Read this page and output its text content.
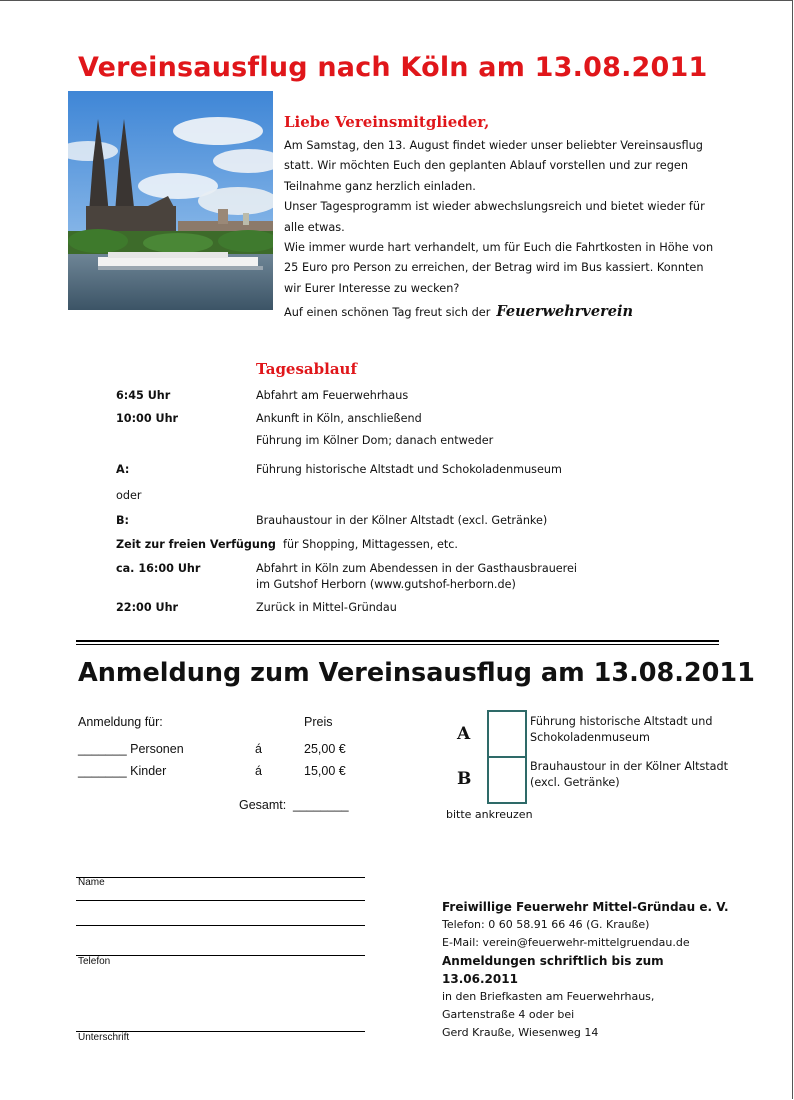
Vereinsausflug nach Köln am 13.08.2011
Liebe Vereinsmitglieder,

Am Samstag, den 13. August findet wieder unser beliebter Vereinsausflug statt. Wir möchten Euch den geplanten Ablauf vorstellen und zur regen Teilnahme ganz herzlich einladen.

Unser Tagesprogramm ist wieder abwechslungsreich und bietet wieder für alle etwas.

Wie immer wurde hart verhandelt, um für Euch die Fahrtkosten in Höhe von 25 Euro pro Person zu erreichen, der Betrag wird im Bus kassiert. Konnten wir Eurer Interesse zu wecken?

Auf einen schönen Tag freut sich der Feuerwehrverein

Tagesablauf
6:45 Uhr	Abfahrt am Feuerwehrhaus
10:00 Uhr	Ankunft in Köln, anschließend
Führung im Kölner Dom; danach entweder
A:	Führung historische Altstadt und Schokoladenmuseum
oder
B:	Brauhaustour in der Kölner Altstadt (excl. Getränke)
Zeit zur freien Verfügung für Shopping, Mittagessen, etc.
ca. 16:00 Uhr	Abfahrt in Köln zum Abendessen in der Gasthausbrauerei
im Gutshof Herborn (www.gutshof-herborn.de)
22:00 Uhr	Zurück in Mittel-Gründau
Anmeldung zum Vereinsausflug am 13.08.2011
Anmeldung für:	Preis
_______ Personen	á	25,00 €
_______ Kinder	á	15,00 €
Gesamt: ________
A
Führung historische Altstadt und Schokoladenmuseum
B
Brauhaustour in der Kölner Altstadt (excl. Getränke)
bitte ankreuzen
Name
Telefon
Unterschrift
Freiwillige Feuerwehr Mittel-Gründau e. V.
Telefon: 0 60 58.91 66 46 (G. Krauße)
E-Mail: verein@feuerwehr-mittelgruendau.de
Anmeldungen schriftlich bis zum 13.06.2011
in den Briefkasten am Feuerwehrhaus,
Gartenstraße 4 oder bei
Gerd Krauße, Wiesenweg 14
